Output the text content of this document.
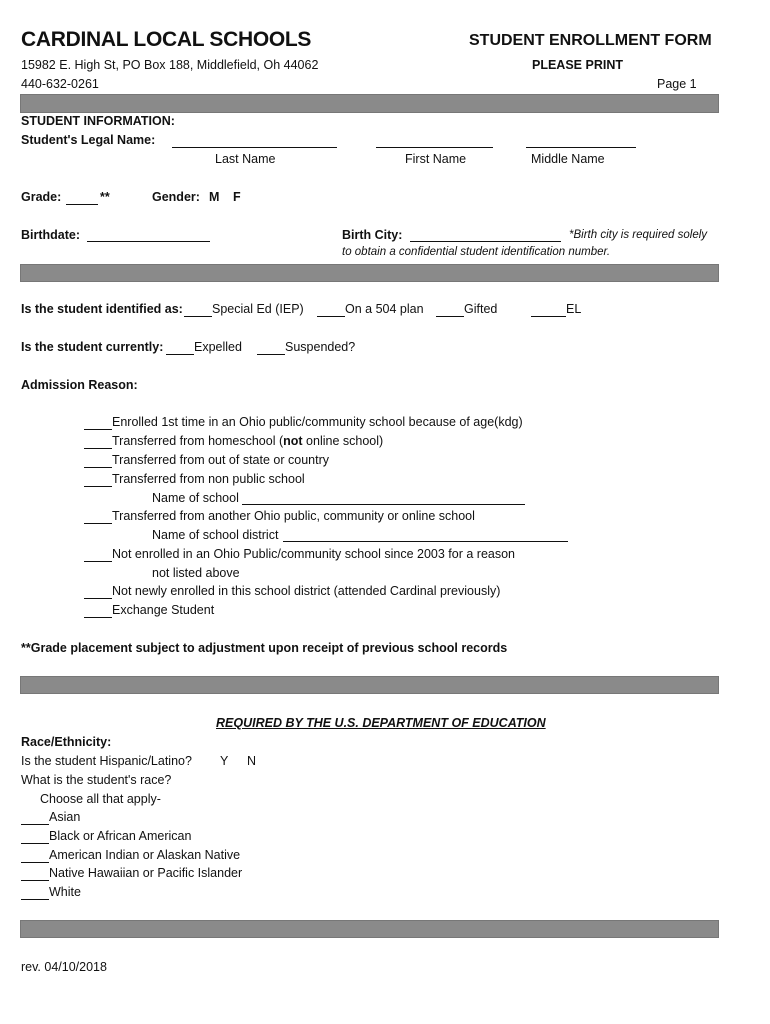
CARDINAL LOCAL SCHOOLS	STUDENT ENROLLMENT FORM
15982 E. High St, PO Box 188, Middlefield, Oh 44062	PLEASE PRINT
440-632-0261	Page 1
STUDENT INFORMATION:
Student's Legal Name:
Last Name	First Name	Middle Name
Grade:	**	Gender: M F
Birthdate:	Birth City:	*Birth city is required solely
to obtain a confidential student identification number.
Is the student identified as: Special Ed (IEP)	On a 504 plan	Gifted	EL
Is the student currently: Expelled	Suspended?
Admission Reason:
Enrolled 1st time in an Ohio public/community school because of age(kdg)
Transferred from homeschool (not online school)
Transferred from out of state or country
Transferred from non public school
Name of school
Transferred from another Ohio public, community or online school
Name of school district
Not enrolled in an Ohio Public/community school since 2003 for a reason
not listed above
Not newly enrolled in this school district (attended Cardinal previously)
Exchange Student
**Grade placement subject to adjustment upon receipt of previous school records
REQUIRED BY THE U.S. DEPARTMENT OF EDUCATION
Race/Ethnicity:
Is the student Hispanic/Latino? Y N
What is the student's race?
Choose all that apply-
Asian
Black or African American
American Indian or Alaskan Native
Native Hawaiian or Pacific Islander
White
rev. 04/10/2018
